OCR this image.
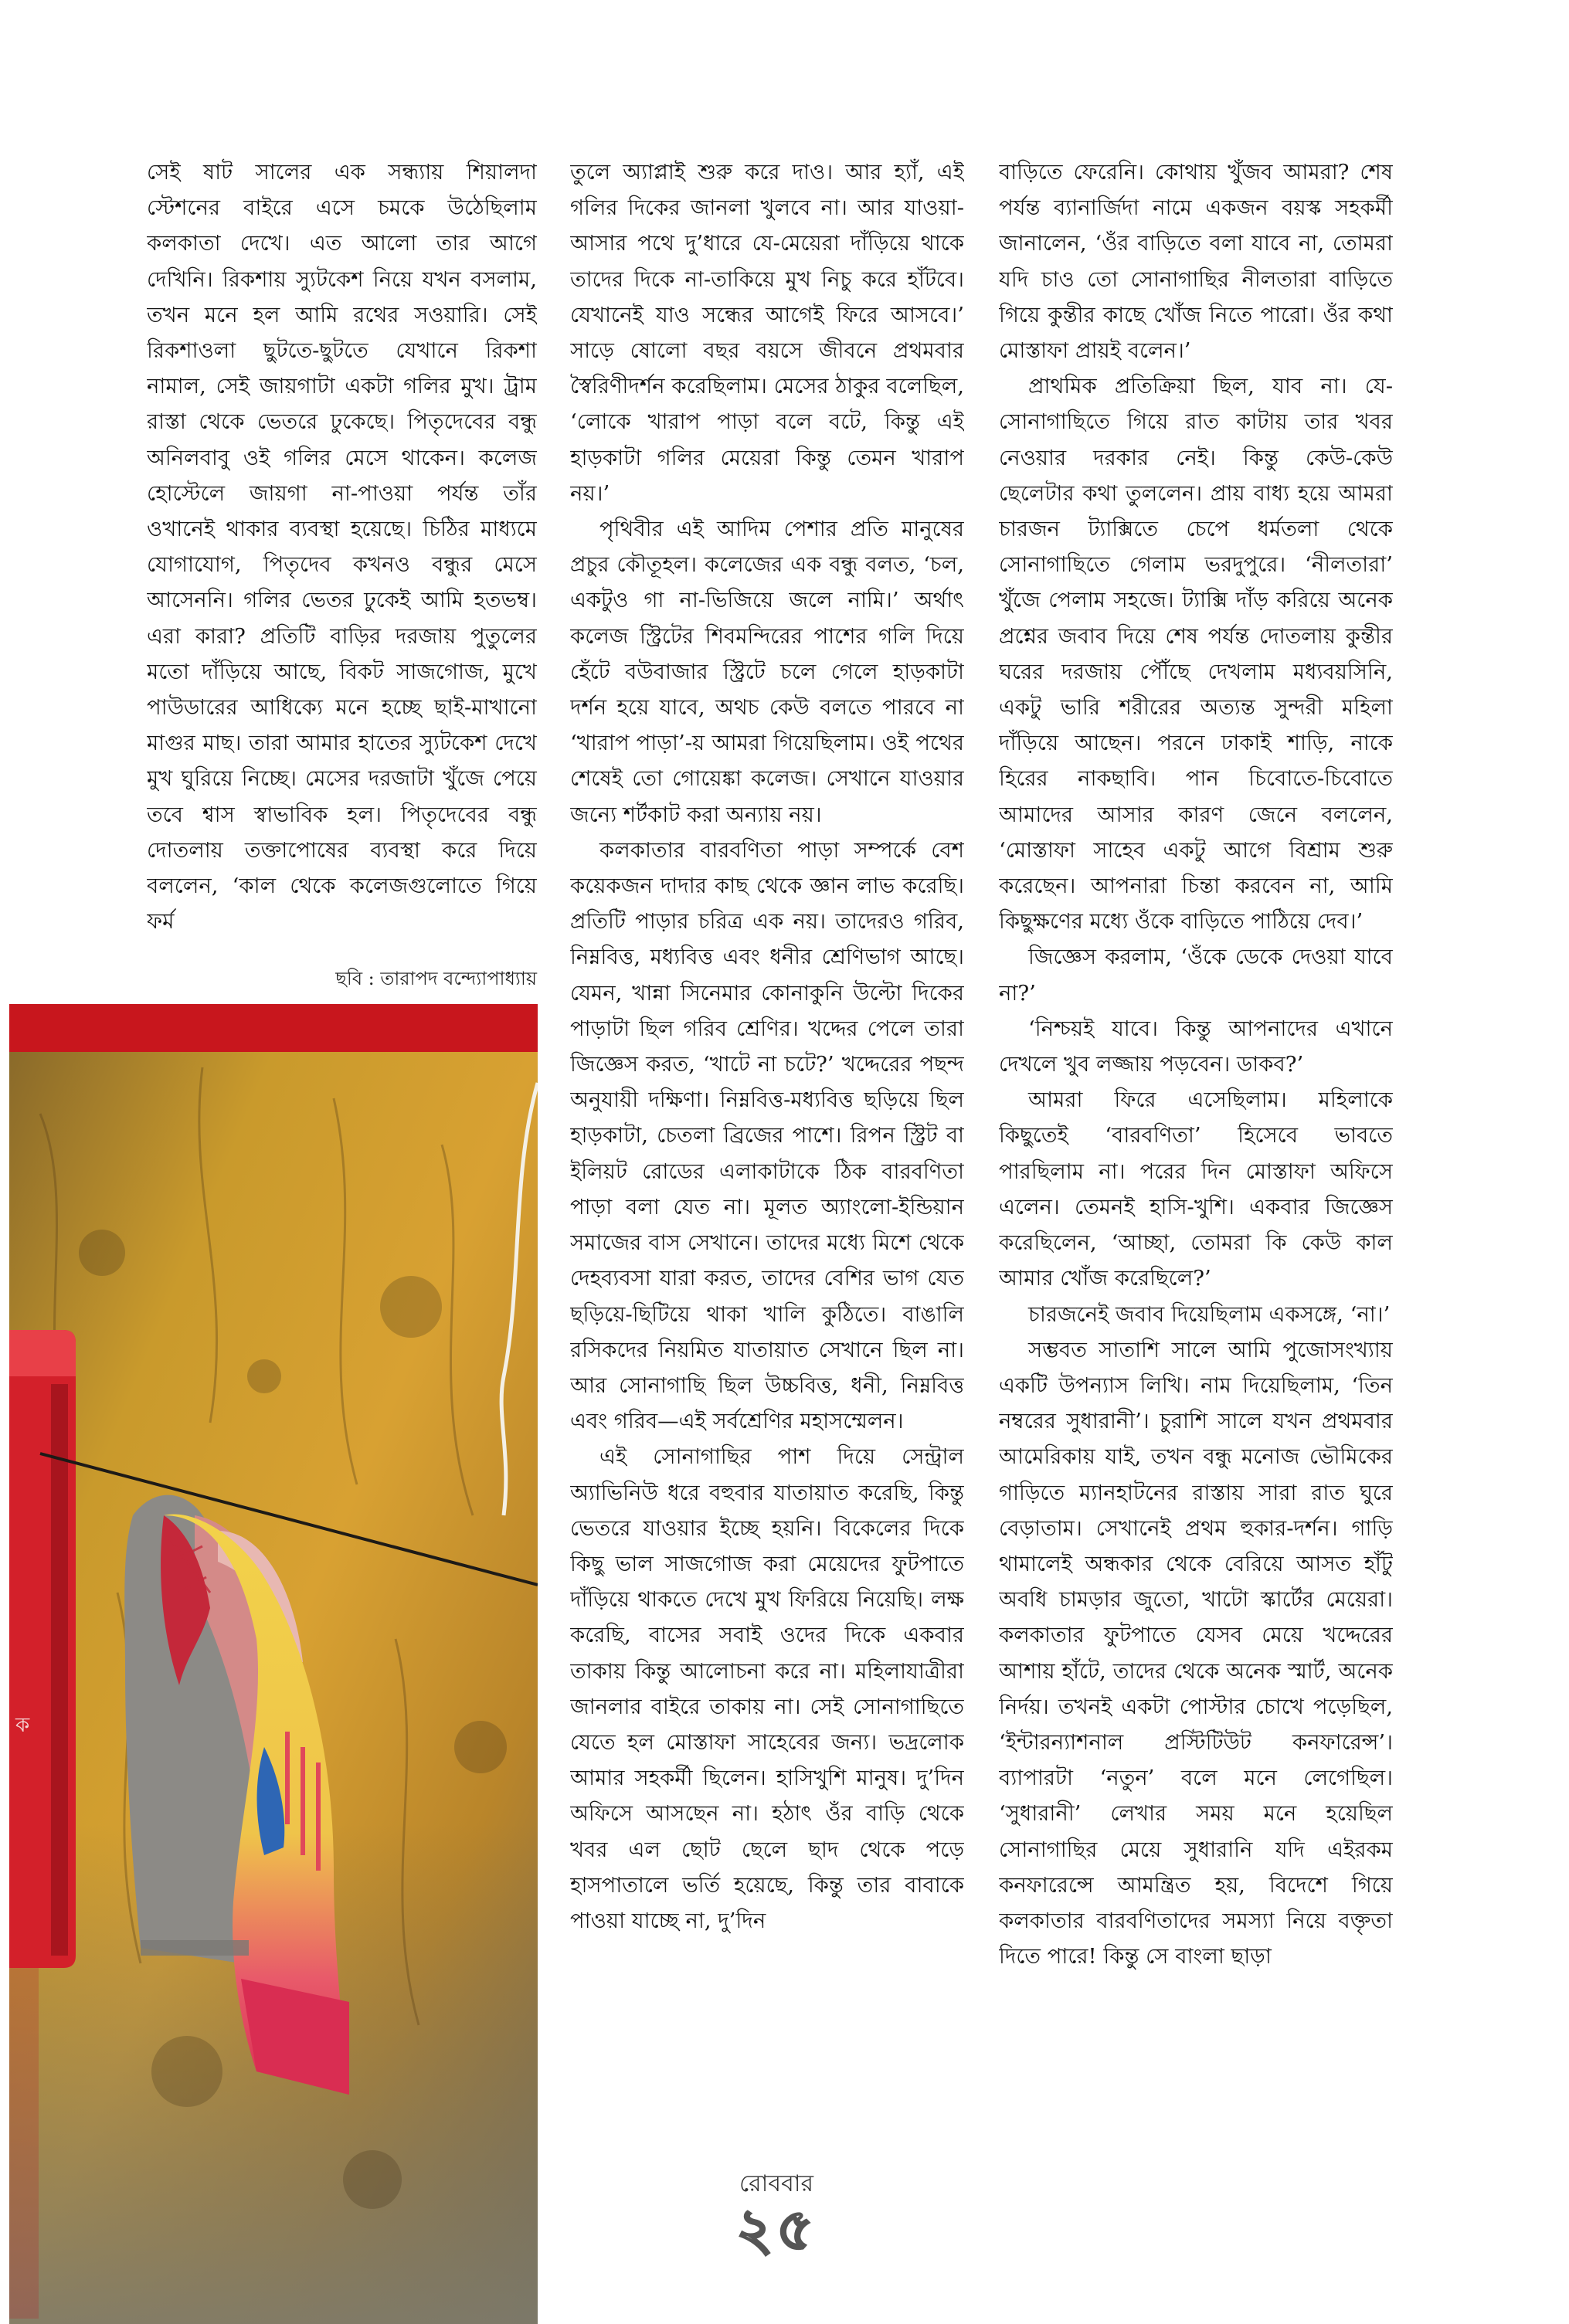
সেই ষাট সালের এক সন্ধ্যায় শিয়ালদা স্টেশনের বাইরে এসে চমকে উঠেছিলাম কলকাতা দেখে। এত আলো তার আগে দেখিনি। রিকশায় স্যুটকেশ নিয়ে যখন বসলাম, তখন মনে হল আমি রথের সওয়ারি। সেই রিকশাওলা ছুটতে-ছুটতে যেখানে রিকশা নামাল, সেই জায়গাটা একটা গলির মুখ। ট্রাম রাস্তা থেকে ভেতরে ঢুকেছে। পিতৃদেবের বন্ধু অনিলবাবু ওই গলির মেসে থাকেন। কলেজ হোস্টেলে জায়গা না-পাওয়া পর্যন্ত তাঁর ওখানেই থাকার ব্যবস্থা হয়েছে। চিঠির মাধ্যমে যোগাযোগ, পিতৃদেব কখনও বন্ধুর মেসে আসেননি। গলির ভেতর ঢুকেই আমি হতভম্ব। এরা কারা? প্রতিটি বাড়ির দরজায় পুতুলের মতো দাঁড়িয়ে আছে, বিকট সাজগোজ, মুখে পাউডারের আধিক্যে মনে হচ্ছে ছাই-মাখানো মাগুর মাছ। তারা আমার হাতের স্যুটকেশ দেখে মুখ ঘুরিয়ে নিচ্ছে। মেসের দরজাটা খুঁজে পেয়ে তবে শ্বাস স্বাভাবিক হল। পিতৃদেবের বন্ধু দোতলায় তক্তাপোষের ব্যবস্থা করে দিয়ে বললেন, ‘কাল থেকে কলেজগুলোতে গিয়ে ফর্ম

তুলে অ্যাপ্লাই শুরু করে দাও। আর হ্যাঁ, এই গলির দিকের জানলা খুলবে না। আর যাওয়া-আসার পথে দু’ধারে যে-মেয়েরা দাঁড়িয়ে থাকে তাদের দিকে না-তাকিয়ে মুখ নিচু করে হাঁটবে। যেখানেই যাও সন্ধের আগেই ফিরে আসবে।’ সাড়ে ষোলো বছর বয়সে জীবনে প্রথমবার স্বৈরিণীদর্শন করেছিলাম। মেসের ঠাকুর বলেছিল, ‘লোকে খারাপ পাড়া বলে বটে, কিন্তু এই হাড়কাটা গলির মেয়েরা কিন্তু তেমন খারাপ নয়।’

পৃথিবীর এই আদিম পেশার প্রতি মানুষের প্রচুর কৌতূহল। কলেজের এক বন্ধু বলত, ‘চল, একটুও গা না-ভিজিয়ে জলে নামি।’ অর্থাৎ কলেজ স্ট্রিটের শিবমন্দিরের পাশের গলি দিয়ে হেঁটে বউবাজার স্ট্রিটে চলে গেলে হাড়কাটা দর্শন হয়ে যাবে, অথচ কেউ বলতে পারবে না ‘খারাপ পাড়া’-য় আমরা গিয়েছিলাম। ওই পথের শেষেই তো গোয়েঙ্কা কলেজ। সেখানে যাওয়ার জন্যে শর্টকাট করা অন্যায় নয়।

কলকাতার বারবণিতা পাড়া সম্পর্কে বেশ কয়েকজন দাদার কাছ থেকে জ্ঞান লাভ করেছি। প্রতিটি পাড়ার চরিত্র এক নয়। তাদেরও গরিব, নিম্নবিত্ত, মধ্যবিত্ত এবং ধনীর শ্রেণিভাগ আছে। যেমন, খান্না সিনেমার কোনাকুনি উল্টো দিকের পাড়াটা ছিল গরিব শ্রেণির। খদ্দের পেলে তারা জিজ্ঞেস করত, ‘খাটে না চটে?’ খদ্দেরের পছন্দ অনুযায়ী দক্ষিণা। নিম্নবিত্ত-মধ্যবিত্ত ছড়িয়ে ছিল হাড়কাটা, চেতলা ব্রিজের পাশে। রিপন স্ট্রিট বা ইলিয়ট রোডের এলাকাটাকে ঠিক বারবণিতা পাড়া বলা যেত না। মূলত অ্যাংলো-ইন্ডিয়ান সমাজের বাস সেখানে। তাদের মধ্যে মিশে থেকে দেহব্যবসা যারা করত, তাদের বেশির ভাগ যেত ছড়িয়ে-ছিটিয়ে থাকা খালি কুঠিতে। বাঙালি রসিকদের নিয়মিত যাতায়াত সেখানে ছিল না। আর সোনাগাছি ছিল উচ্চবিত্ত, ধনী, নিম্নবিত্ত এবং গরিব—এই সর্বশ্রেণির মহাসম্মেলন।

এই সোনাগাছির পাশ দিয়ে সেন্ট্রাল অ্যাভিনিউ ধরে বহুবার যাতায়াত করেছি, কিন্তু ভেতরে যাওয়ার ইচ্ছে হয়নি। বিকেলের দিকে কিছু ভাল সাজগোজ করা মেয়েদের ফুটপাতে দাঁড়িয়ে থাকতে দেখে মুখ ফিরিয়ে নিয়েছি। লক্ষ করেছি, বাসের সবাই ওদের দিকে একবার তাকায় কিন্তু আলোচনা করে না। মহিলাযাত্রীরা জানলার বাইরে তাকায় না। সেই সোনাগাছিতে যেতে হল মোস্তাফা সাহেবের জন্য। ভদ্রলোক আমার সহকর্মী ছিলেন। হাসিখুশি মানুষ। দু’দিন অফিসে আসছেন না। হঠাৎ ওঁর বাড়ি থেকে খবর এল ছোট ছেলে ছাদ থেকে পড়ে হাসপাতালে ভর্তি হয়েছে, কিন্তু তার বাবাকে পাওয়া যাচ্ছে না, দু’দিন

বাড়িতে ফেরেনি। কোথায় খুঁজব আমরা? শেষ পর্যন্ত ব্যানার্জিদা নামে একজন বয়স্ক সহকর্মী জানালেন, ‘ওঁর বাড়িতে বলা যাবে না, তোমরা যদি চাও তো সোনাগাছির নীলতারা বাড়িতে গিয়ে কুন্তীর কাছে খোঁজ নিতে পারো। ওঁর কথা মোস্তাফা প্রায়ই বলেন।’

প্রাথমিক প্রতিক্রিয়া ছিল, যাব না। যে-সোনাগাছিতে গিয়ে রাত কাটায় তার খবর নেওয়ার দরকার নেই। কিন্তু কেউ-কেউ ছেলেটার কথা তুললেন। প্রায় বাধ্য হয়ে আমরা চারজন ট্যাক্সিতে চেপে ধর্মতলা থেকে সোনাগাছিতে গেলাম ভরদুপুরে। ‘নীলতারা’ খুঁজে পেলাম সহজে। ট্যাক্সি দাঁড় করিয়ে অনেক প্রশ্নের জবাব দিয়ে শেষ পর্যন্ত দোতলায় কুন্তীর ঘরের দরজায় পৌঁছে দেখলাম মধ্যবয়সিনি, একটু ভারি শরীরের অত্যন্ত সুন্দরী মহিলা দাঁড়িয়ে আছেন। পরনে ঢাকাই শাড়ি, নাকে হিরের নাকছাবি। পান চিবোতে-চিবোতে আমাদের আসার কারণ জেনে বললেন, ‘মোস্তাফা সাহেব একটু আগে বিশ্রাম শুরু করেছেন। আপনারা চিন্তা করবেন না, আমি কিছুক্ষণের মধ্যে ওঁকে বাড়িতে পাঠিয়ে দেব।’

জিজ্ঞেস করলাম, ‘ওঁকে ডেকে দেওয়া যাবে না?’

‘নিশ্চয়ই যাবে। কিন্তু আপনাদের এখানে দেখলে খুব লজ্জায় পড়বেন। ডাকব?’

আমরা ফিরে এসেছিলাম। মহিলাকে কিছুতেই ‘বারবণিতা’ হিসেবে ভাবতে পারছিলাম না। পরের দিন মোস্তাফা অফিসে এলেন। তেমনই হাসি-খুশি। একবার জিজ্ঞেস করেছিলেন, ‘আচ্ছা, তোমরা কি কেউ কাল আমার খোঁজ করেছিলে?’

চারজনেই জবাব দিয়েছিলাম একসঙ্গে, ‘না।’

সম্ভবত সাতাশি সালে আমি পুজোসংখ্যায় একটি উপন্যাস লিখি। নাম দিয়েছিলাম, ‘তিন নম্বরের সুধারানী’। চুরাশি সালে যখন প্রথমবার আমেরিকায় যাই, তখন বন্ধু মনোজ ভৌমিকের গাড়িতে ম্যানহাটনের রাস্তায় সারা রাত ঘুরে বেড়াতাম। সেখানেই প্রথম হুকার-দর্শন। গাড়ি থামালেই অন্ধকার থেকে বেরিয়ে আসত হাঁটু অবধি চামড়ার জুতো, খাটো স্কার্টের মেয়েরা। কলকাতার ফুটপাতে যেসব মেয়ে খদ্দেরের আশায় হাঁটে, তাদের থেকে অনেক স্মার্ট, অনেক নির্দয়। তখনই একটা পোস্টার চোখে পড়েছিল, ‘ইন্টারন্যাশনাল প্রস্টিটিউট কনফারেন্স’। ব্যাপারটা ‘নতুন’ বলে মনে লেগেছিল। ‘সুধারানী’ লেখার সময় মনে হয়েছিল সোনাগাছির মেয়ে সুধারানি যদি এইরকম কনফারেন্সে আমন্ত্রিত হয়, বিদেশে গিয়ে কলকাতার বারবণিতাদের সমস্যা নিয়ে বক্তৃতা দিতে পারে! কিন্তু সে বাংলা ছাড়া

ছবি : তারাপদ বন্দ্যোপাধ্যায়
ক
রোববার
২৫
